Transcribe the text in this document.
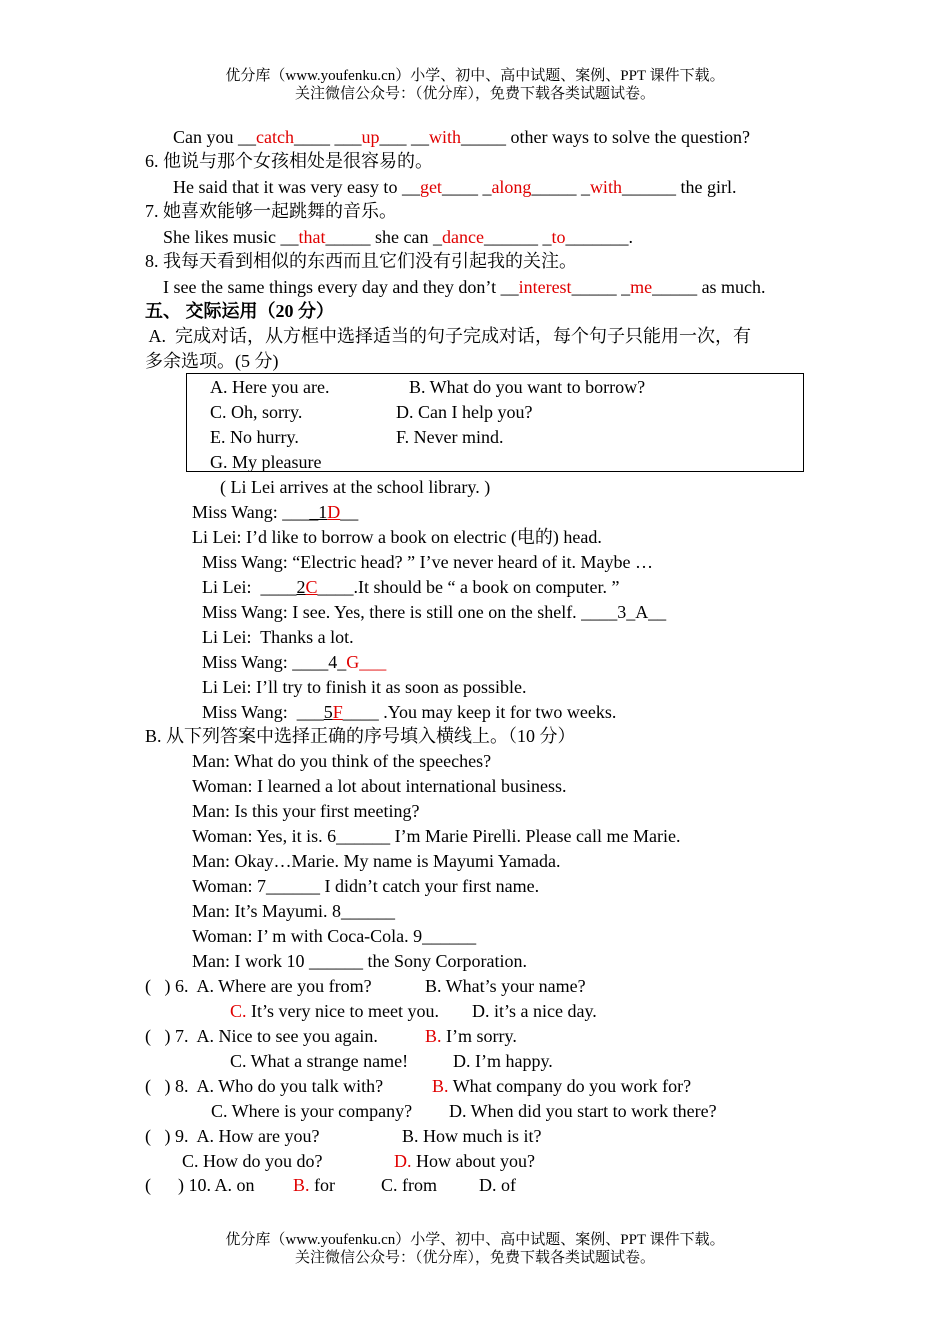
优分库（www.youfenku.cn）小学、初中、高中试题、案例、PPT 课件下载。
关注微信公众号：（优分库），免费下载各类试题试卷。
Can you __catch____ ___up___ __with_____ other ways to solve the question?
6. 他说与那个女孩相处是很容易的。
He said that it was very easy to __get____ _along_____ _with______ the girl.
7. 她喜欢能够一起跳舞的音乐。
She likes music __that_____ she can _dance______ _to_______.
8. 我每天看到相似的东西而且它们没有引起我的关注。
I see the same things every day and they don’t __interest_____ _me_____ as much.
五、 交际运用（20 分）
A.  完成对话，从方框中选择适当的句子完成对话，每个句子只能用一次，有
多余选项。(5 分)
A. Here you are.	B. What do you want to borrow?
C. Oh, sorry.	D. Can I help you?
E. No hurry.	F. Never mind.
G. My pleasure
( Li Lei arrives at the school library. )
Miss Wang: ____1D__
Li Lei: I’d like to borrow a book on electric (电的) head.
Miss Wang: “Electric head? ” I’ve never heard of it. Maybe …
Li Lei:  ____2C____.It should be “ a book on computer. ”
Miss Wang: I see. Yes, there is still one on the shelf. ____3_A__
Li Lei:  Thanks a lot.
Miss Wang: ____4_G___
Li Lei: I’ll try to finish it as soon as possible.
Miss Wang:  ___5F____ .You may keep it for two weeks.
B. 从下列答案中选择正确的序号填入横线上。（10 分）
Man: What do you think of the speeches?
Woman: I learned a lot about international business.
Man: Is this your first meeting?
Woman: Yes, it is. 6______ I’m Marie Pirelli. Please call me Marie.
Man: Okay…Marie. My name is Mayumi Yamada.
Woman: 7______ I didn’t catch your first name.
Man: It’s Mayumi. 8______
Woman: I’ m with Coca-Cola. 9______
Man: I work 10 ______ the Sony Corporation.
(   ) 6.  A. Where are you from?	B. What’s your name?
C. It’s very nice to meet you. D. it’s a nice day.
(   ) 7.  A. Nice to see you again.	B. I’m sorry.
C. What a strange name! D. I’m happy.
(   ) 8.  A. Who do you talk with?	B. What company do you work for?
C. Where is your company? D. When did you start to work there?
(   ) 9.  A. How are you?	B. How much is it?
C. How do you do?	D. How about you?
(      ) 10. A. on B. for	C. from D. of
优分库（www.youfenku.cn）小学、初中、高中试题、案例、PPT 课件下载。
关注微信公众号：（优分库），免费下载各类试题试卷。
